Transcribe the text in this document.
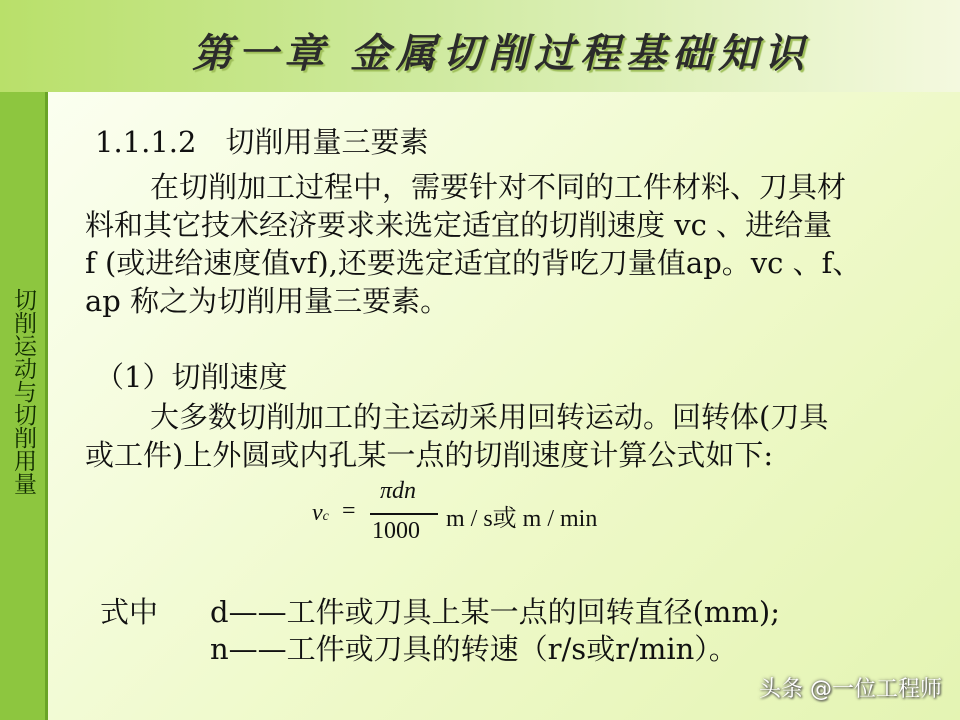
第一章 金属切削过程基础知识
切削运动与切削用量
1.1.1.2　切削用量三要素
在切削加工过程中，需要针对不同的工件材料、刀具材
料和其它技术经济要求来选定适宜的切削速度 vc 、进给量
f (或进给速度值vf),还要选定适宜的背吃刀量值ap。vc 、f、
ap 称之为切削用量三要素。
（1）切削速度
大多数切削加工的主运动采用回转运动。回转体(刀具
或工件)上外圆或内孔某一点的切削速度计算公式如下:
vc =
πdn
1000 m / s或 m / min
式中 d——工件或刀具上某一点的回转直径(mm);
n——工件或刀具的转速（r/s或r/min）。
头条 @一位工程师
